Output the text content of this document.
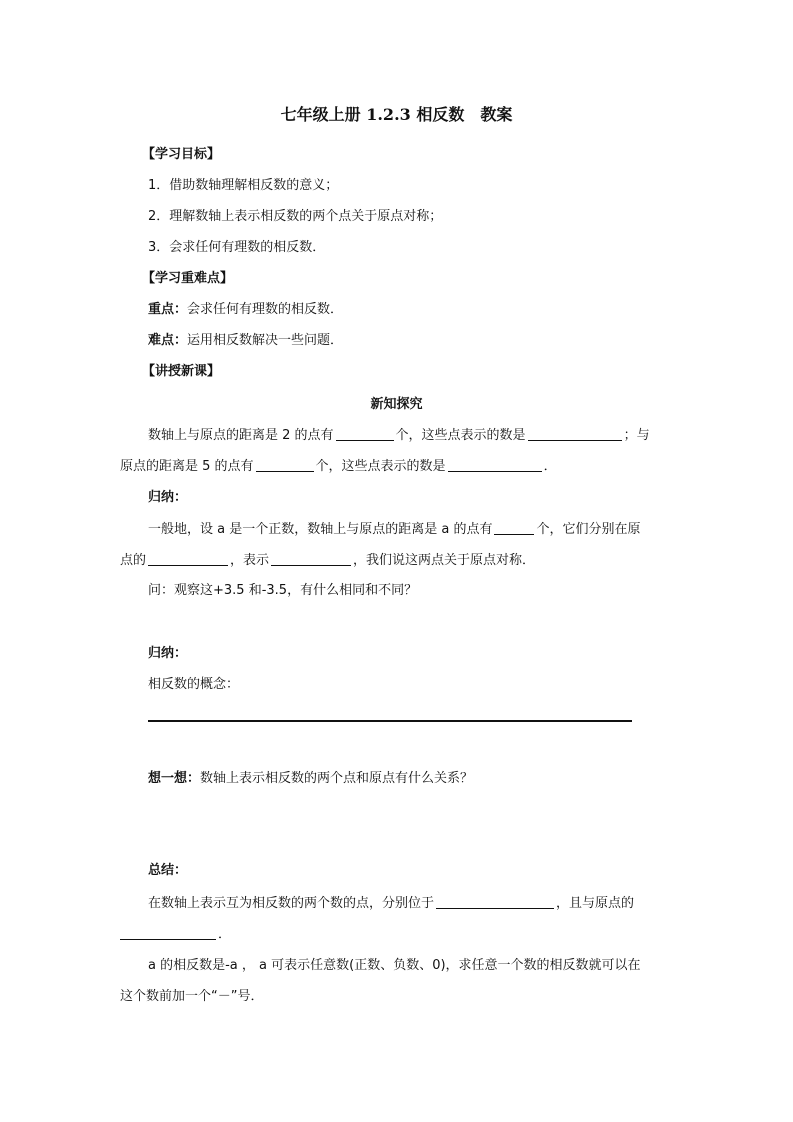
七年级上册 1.2.3 相反数　教案
【学习目标】
1．借助数轴理解相反数的意义；
2．理解数轴上表示相反数的两个点关于原点对称；
3．会求任何有理数的相反数．
【学习重难点】
重点：会求任何有理数的相反数．
难点：运用相反数解决一些问题．
【讲授新课】
新知探究
数轴上与原点的距离是 2 的点有	个，这些点表示的数是	；与
原点的距离是 5 的点有	个，这些点表示的数是	．
归纳：
一般地，设 a 是一个正数，数轴上与原点的距离是 a 的点有	个，它们分别在原
点的	，表示	，我们说这两点关于原点对称．
问：观察这+3.5 和-3.5，有什么相同和不同？
归纳：
相反数的概念：
想一想：数轴上表示相反数的两个点和原点有什么关系？
总结：
在数轴上表示互为相反数的两个数的点，分别位于	，且与原点的
．
a 的相反数是-a ， a 可表示任意数(正数、负数、0)，求任意一个数的相反数就可以在
这个数前加一个“－”号．
